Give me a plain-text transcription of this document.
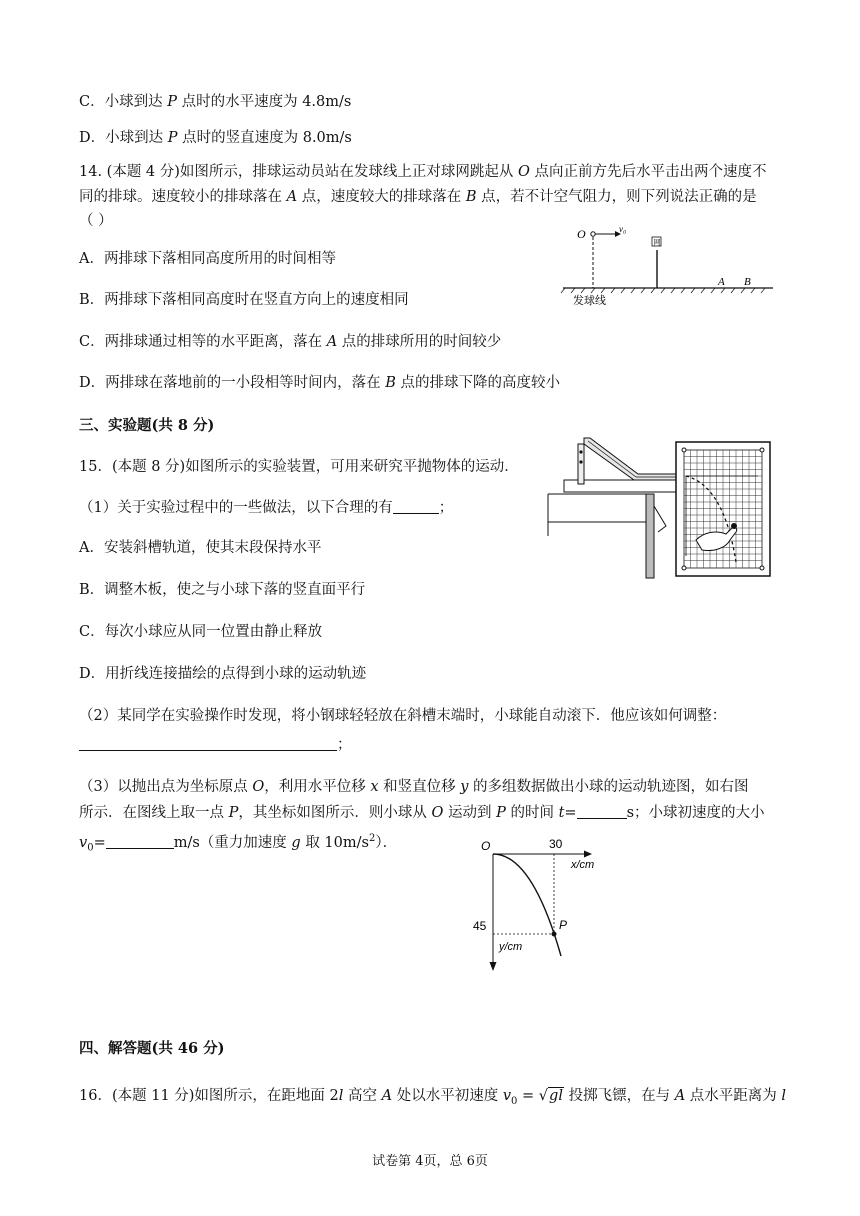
C．小球到达 P 点时的水平速度为 4.8m/s
D．小球到达 P 点时的竖直速度为 8.0m/s
14. (本题 4 分)如图所示，排球运动员站在发球线上正对球网跳起从 O 点向正前方先后水平击出两个速度不
同的排球。速度较小的排球落在 A 点，速度较大的排球落在 B 点，若不计空气阻力，则下列说法正确的是
（ ）
A．两排球下落相同高度所用的时间相等
B．两排球下落相同高度时在竖直方向上的速度相同
C．两排球通过相等的水平距离，落在 A 点的排球所用的时间较少
D．两排球在落地前的一小段相等时间内，落在 B 点的排球下降的高度较小
O	v₀
网
A B
发球线
三、实验题(共 8 分)
15．(本题 8 分)如图所示的实验装置，可用来研究平抛物体的运动．
（1）关于实验过程中的一些做法，以下合理的有	；
A．安装斜槽轨道，使其末段保持水平
B．调整木板，使之与小球下落的竖直面平行
C．每次小球应从同一位置由静止释放
D．用折线连接描绘的点得到小球的运动轨迹
（2）某同学在实验操作时发现，将小钢球轻轻放在斜槽末端时，小球能自动滚下．他应该如何调整：
；
（3）以抛出点为坐标原点 O，利用水平位移 x 和竖直位移 y 的多组数据做出小球的运动轨迹图，如右图
所示．在图线上取一点 P，其坐标如图所示．则小球从 O 运动到 P 的时间 t=	s；小球初速度的大小
$v_0=$	m/s（重力加速度 g 取 $10m/s^2$）．	O	30
x/cm
45
y/cm
P
四、解答题(共 46 分)
16．(本题 11 分)如图所示，在距地面 2l 高空 A 处以水平初速度 $v_0 = √gl$ 投掷飞镖，在与 A 点水平距离为 l
试卷第 4页，总 6页
